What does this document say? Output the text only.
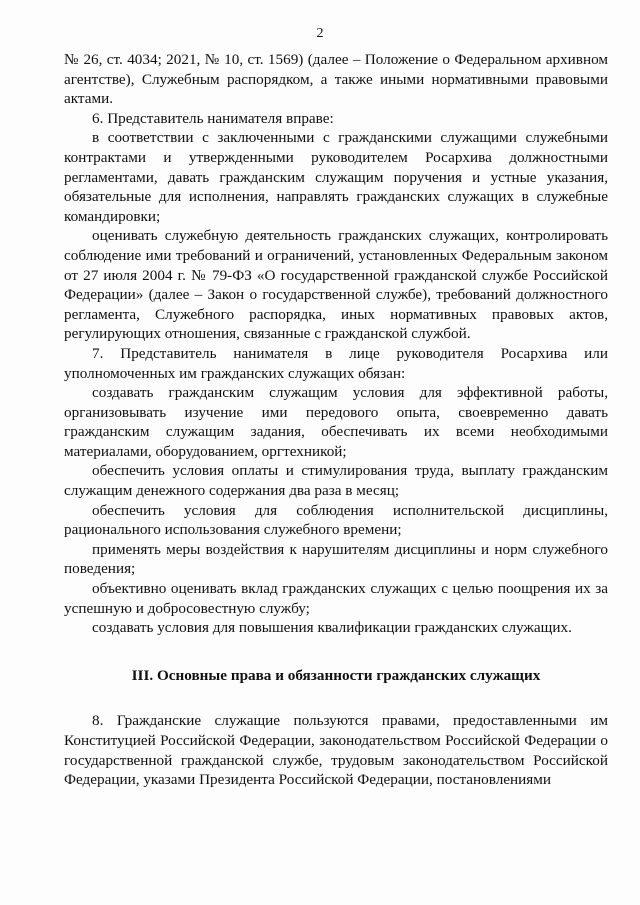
2

№ 26, ст. 4034; 2021, № 10, ст. 1569) (далее – Положение о Федеральном архивном агентстве), Служебным распорядком, а также иными нормативными правовыми актами.

6. Представитель нанимателя вправе:

в соответствии с заключенными с гражданскими служащими служебными контрактами и утвержденными руководителем Росархива должностными регламентами, давать гражданским служащим поручения и устные указания, обязательные для исполнения, направлять гражданских служащих в служебные командировки;

оценивать служебную деятельность гражданских служащих, контролировать соблюдение ими требований и ограничений, установленных Федеральным законом от 27 июля 2004 г. № 79-ФЗ «О государственной гражданской службе Российской Федерации» (далее – Закон о государственной службе), требований должностного регламента, Служебного распорядка, иных нормативных правовых актов, регулирующих отношения, связанные с гражданской службой.

7. Представитель нанимателя в лице руководителя Росархива или уполномоченных им гражданских служащих обязан:

создавать гражданским служащим условия для эффективной работы, организовывать изучение ими передового опыта, своевременно давать гражданским служащим задания, обеспечивать их всеми необходимыми материалами, оборудованием, оргтехникой;

обеспечить условия оплаты и стимулирования труда, выплату гражданским служащим денежного содержания два раза в месяц;

обеспечить условия для соблюдения исполнительской дисциплины, рационального использования служебного времени;

применять меры воздействия к нарушителям дисциплины и норм служебного поведения;

объективно оценивать вклад гражданских служащих с целью поощрения их за успешную и добросовестную службу;

создавать условия для повышения квалификации гражданских служащих.

III. Основные права и обязанности гражданских служащих

8. Гражданские служащие пользуются правами, предоставленными им Конституцией Российской Федерации, законодательством Российской Федерации о государственной гражданской службе, трудовым законодательством Российской Федерации, указами Президента Российской Федерации, постановлениями
